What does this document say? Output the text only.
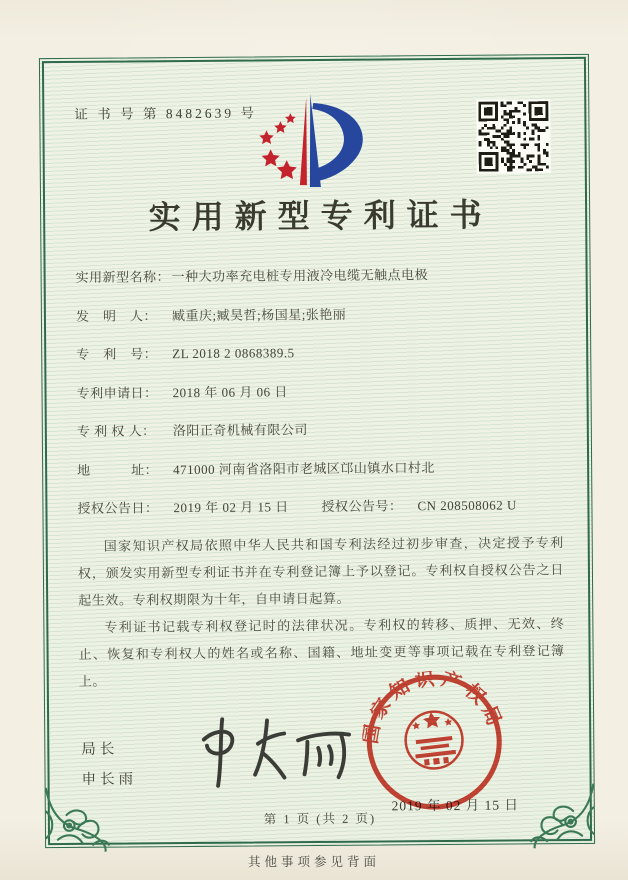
证 书 号 第 8482639 号
实用新型专利证书
实用新型名称： 一种大功率充电桩专用液冷电缆无触点电极
发　明　人：	臧重庆;臧昊哲;杨国星;张艳丽
专　利　号：	ZL 2018 2 0868389.5
专利申请日：	2018 年 06 月 06 日
专 利 权 人：	洛阳正奇机械有限公司
地　　　址：	471000 河南省洛阳市老城区邙山镇水口村北
授权公告日：	2019 年 02 月 15 日	授权公告号：	CN 208508062 U

国家知识产权局依照中华人民共和国专利法经过初步审查，决定授予专利权，颁发实用新型专利证书并在专利登记簿上予以登记。专利权自授权公告之日起生效。专利权期限为十年，自申请日起算。

专利证书记载专利权登记时的法律状况。专利权的转移、质押、无效、终止、恢复和专利权人的姓名或名称、国籍、地址变更等事项记载在专利登记簿上。

局长
申长雨
2019 年 02 月 15 日
国家知识产权局
第 1 页 (共 2 页)
其他事项参见背面
